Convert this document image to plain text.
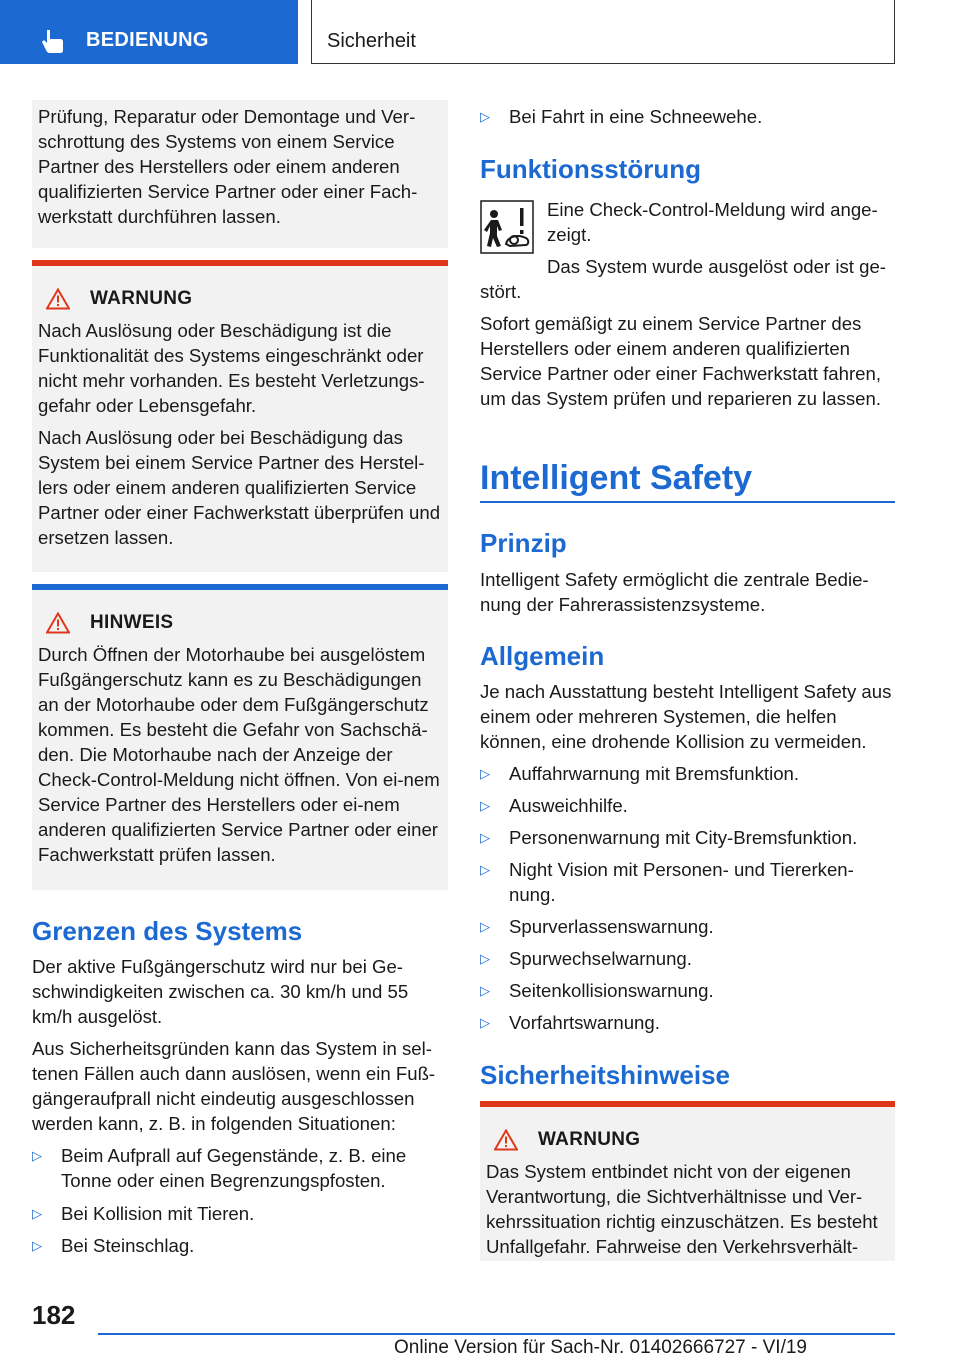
BEDIENUNG	Sicherheit

Prüfung, Reparatur oder Demontage und Ver-schrottung des Systems von einem Service Partner des Herstellers oder einem anderen qualifizierten Service Partner oder einer Fach-werkstatt durchführen lassen.

WARNUNG

Nach Auslösung oder Beschädigung ist die Funktionalität des Systems eingeschränkt oder nicht mehr vorhanden. Es besteht Verletzungs-gefahr oder Lebensgefahr.

Nach Auslösung oder bei Beschädigung das System bei einem Service Partner des Herstel-lers oder einem anderen qualifizierten Service Partner oder einer Fachwerkstatt überprüfen und ersetzen lassen.

HINWEIS

Durch Öffnen der Motorhaube bei ausgelöstem Fußgängerschutz kann es zu Beschädigungen an der Motorhaube oder dem Fußgängerschutz kommen. Es besteht die Gefahr von Sachschä-den. Die Motorhaube nach der Anzeige der Check-Control-Meldung nicht öffnen. Von ei-nem Service Partner des Herstellers oder ei-nem anderen qualifizierten Service Partner oder einer Fachwerkstatt prüfen lassen.

Grenzen des Systems
Der aktive Fußgängerschutz wird nur bei Ge-schwindigkeiten zwischen ca. 30 km/h und 55 km/h ausgelöst.
Aus Sicherheitsgründen kann das System in sel-tenen Fällen auch dann auslösen, wenn ein Fuß-gängeraufprall nicht eindeutig ausgeschlossen werden kann, z. B. in folgenden Situationen:
▷ Beim Aufprall auf Gegenstände, z. B. eine Tonne oder einen Begrenzungspfosten.
▷ Bei Kollision mit Tieren.
▷ Bei Steinschlag.
▷ Bei Fahrt in eine Schneewehe.
Funktionsstörung
Eine Check-Control-Meldung wird ange-zeigt.
Das System wurde ausgelöst oder ist ge-stört.
Sofort gemäßigt zu einem Service Partner des Herstellers oder einem anderen qualifizierten Service Partner oder einer Fachwerkstatt fahren, um das System prüfen und reparieren zu lassen.
Intelligent Safety
Prinzip
Intelligent Safety ermöglicht die zentrale Bedie-nung der Fahrerassistenzsysteme.
Allgemein
Je nach Ausstattung besteht Intelligent Safety aus einem oder mehreren Systemen, die helfen können, eine drohende Kollision zu vermeiden.
▷ Auffahrwarnung mit Bremsfunktion.
▷ Ausweichhilfe.
▷ Personenwarnung mit City-Bremsfunktion.
▷ Night Vision mit Personen- und Tiererken-nung.
▷ Spurverlassenswarnung.
▷ Spurwechselwarnung.
▷ Seitenkollisionswarnung.
▷ Vorfahrtswarnung.
Sicherheitshinweise
WARNUNG

Das System entbindet nicht von der eigenen Verantwortung, die Sichtverhältnisse und Ver-kehrssituation richtig einzuschätzen. Es besteht Unfallgefahr. Fahrweise den Verkehrsverhält-

182
Online Version für Sach-Nr. 01402666727 - VI/19
